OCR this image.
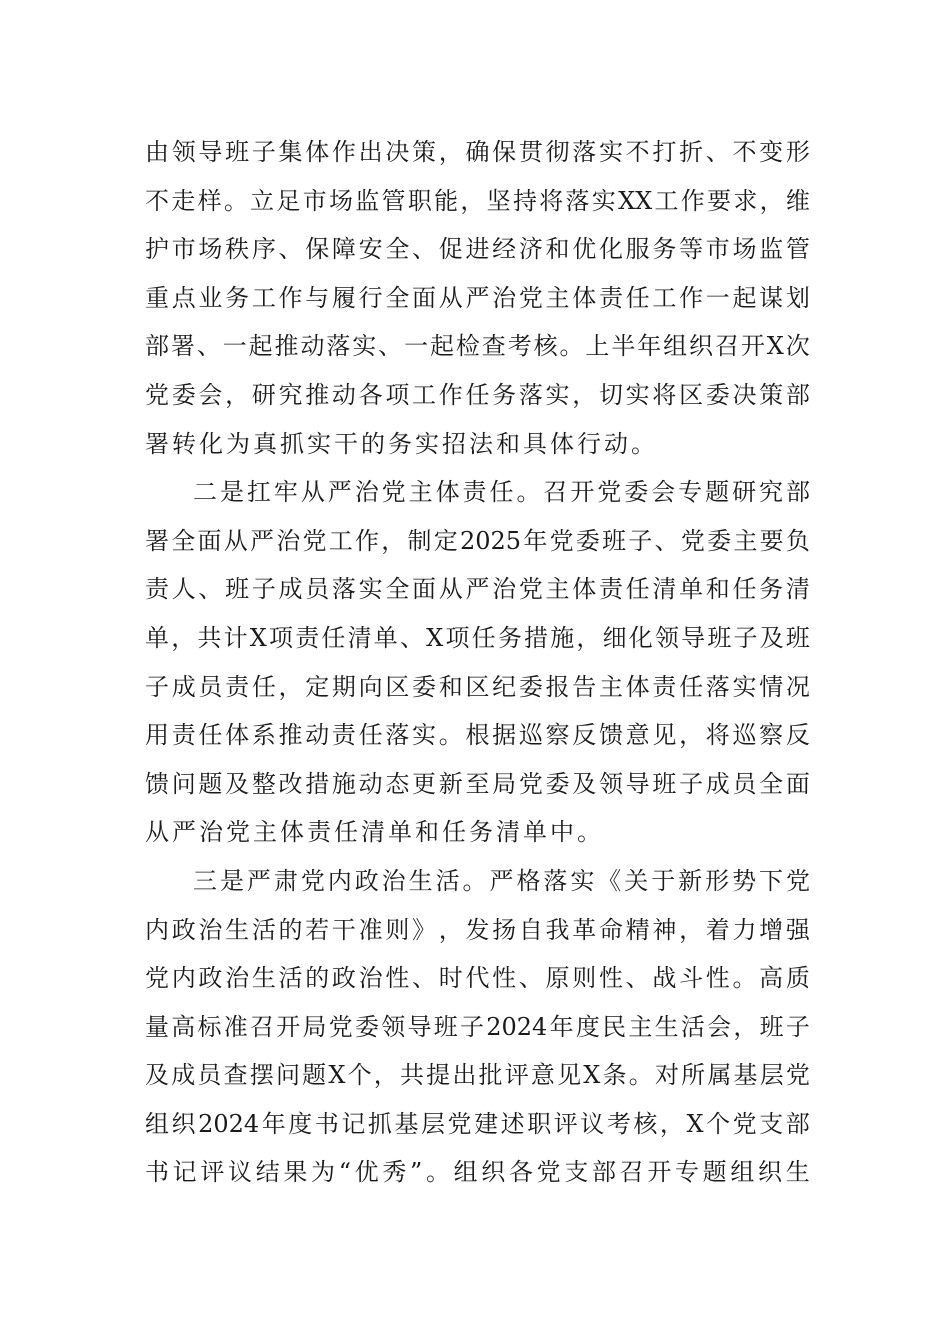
由 领 导 班 子 集 体 作 出 决 策 ， 确 保 贯 彻 落 实 不 打 折 、 不 变 形
不 走 样 。 立 足 市 场 监 管 职 能 ， 坚 持 将 落 实 XX 工 作 要 求 ， 维
护 市 场 秩 序 、 保 障 安 全 、 促 进 经 济 和 优 化 服 务 等 市 场 监 管
重 点 业 务 工 作 与 履 行 全 面 从 严 治 党 主 体 责 任 工 作 一 起 谋 划
部 署 、 一 起 推 动 落 实 、 一 起 检 查 考 核 。 上 半 年 组 织 召 开 X 次
党 委 会 ， 研 究 推 动 各 项 工 作 任 务 落 实 ， 切 实 将 区 委 决 策 部
署 转 化 为 真 抓 实 干 的 务 实 招 法 和 具 体 行 动 。
二 是 扛 牢 从 严 治 党 主 体 责 任 。 召 开 党 委 会 专 题 研 究 部
署 全 面 从 严 治 党 工 作 ， 制 定 2025 年 党 委 班 子 、 党 委 主 要 负
责 人 、 班 子 成 员 落 实 全 面 从 严 治 党 主 体 责 任 清 单 和 任 务 清
单 ， 共 计 X 项 责 任 清 单 、 X 项 任 务 措 施 ， 细 化 领 导 班 子 及 班
子 成 员 责 任 ， 定 期 向 区 委 和 区 纪 委 报 告 主 体 责 任 落 实 情 况
用 责 任 体 系 推 动 责 任 落 实 。 根 据 巡 察 反 馈 意 见 ， 将 巡 察 反
馈 问 题 及 整 改 措 施 动 态 更 新 至 局 党 委 及 领 导 班 子 成 员 全 面
从 严 治 党 主 体 责 任 清 单 和 任 务 清 单 中 。
三 是 严 肃 党 内 政 治 生 活 。 严 格 落 实 《 关 于 新 形 势 下 党
内 政 治 生 活 的 若 干 准 则 》 ， 发 扬 自 我 革 命 精 神 ， 着 力 增 强
党 内 政 治 生 活 的 政 治 性 、 时 代 性 、 原 则 性 、 战 斗 性 。 高 质
量 高 标 准 召 开 局 党 委 领 导 班 子 2024 年 度 民 主 生 活 会 ， 班 子
及 成 员 查 摆 问 题 X 个 ， 共 提 出 批 评 意 见 X 条 。 对 所 属 基 层 党
组 织 2024 年 度 书 记 抓 基 层 党 建 述 职 评 议 考 核 ， X 个 党 支 部
书 记 评 议 结 果 为 “ 优 秀 ” 。 组 织 各 党 支 部 召 开 专 题 组 织 生
